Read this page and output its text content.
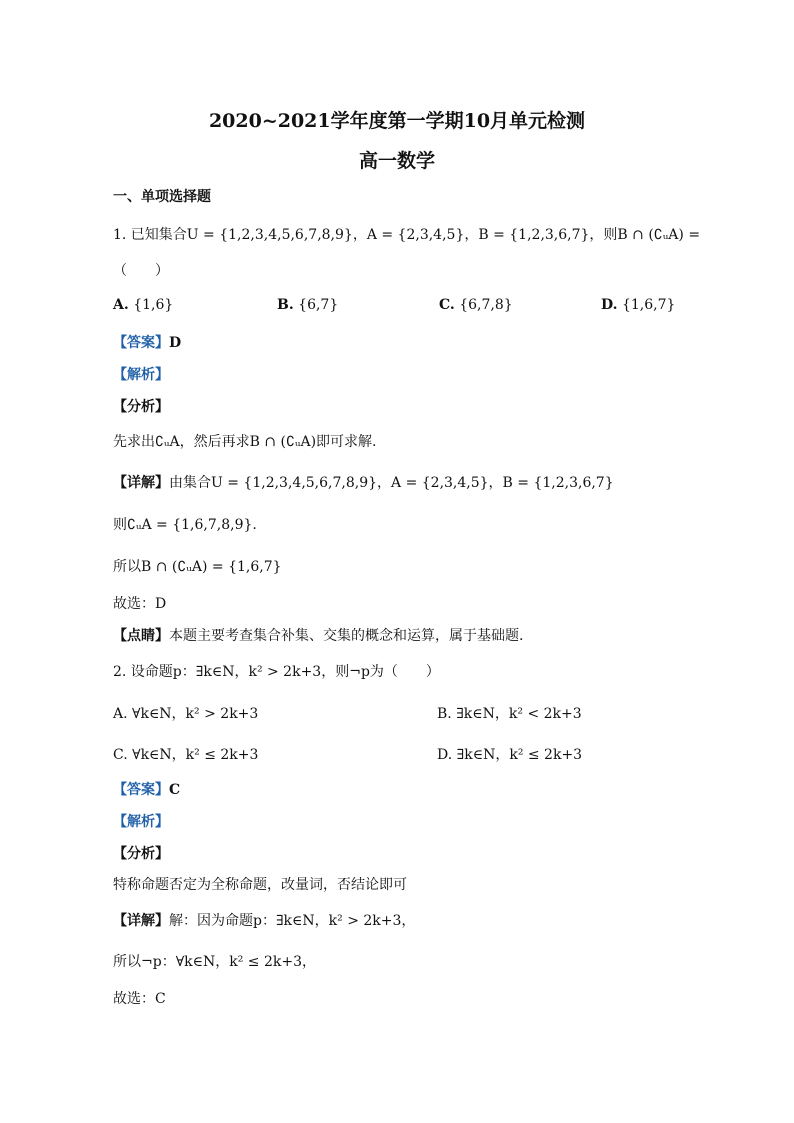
2020~2021学年度第一学期10月单元检测
高一数学
一、单项选择题
1. 已知集合U = {1,2,3,4,5,6,7,8,9}，A = {2,3,4,5}，B = {1,2,3,6,7}，则B ∩ (∁ᵤA) =
（　　）
A. {1,6}	B. {6,7}	C. {6,7,8}	D. {1,6,7}
【答案】D
【解析】
【分析】
先求出∁ᵤA，然后再求B ∩ (∁ᵤA)即可求解.
【详解】由集合U = {1,2,3,4,5,6,7,8,9}，A = {2,3,4,5}，B = {1,2,3,6,7}
则∁ᵤA = {1,6,7,8,9}.
所以B ∩ (∁ᵤA) = {1,6,7}
故选：D
【点睛】本题主要考查集合补集、交集的概念和运算，属于基础题.
2. 设命题p：∃k∈N，k² > 2k+3，则¬p为（　　）
A. ∀k∈N，k² > 2k+3	B. ∃k∈N，k² < 2k+3
C. ∀k∈N，k² ≤ 2k+3	D. ∃k∈N，k² ≤ 2k+3
【答案】C
【解析】
【分析】
特称命题否定为全称命题，改量词，否结论即可
【详解】解：因为命题p：∃k∈N，k² > 2k+3，
所以¬p：∀k∈N，k² ≤ 2k+3，
故选：C
